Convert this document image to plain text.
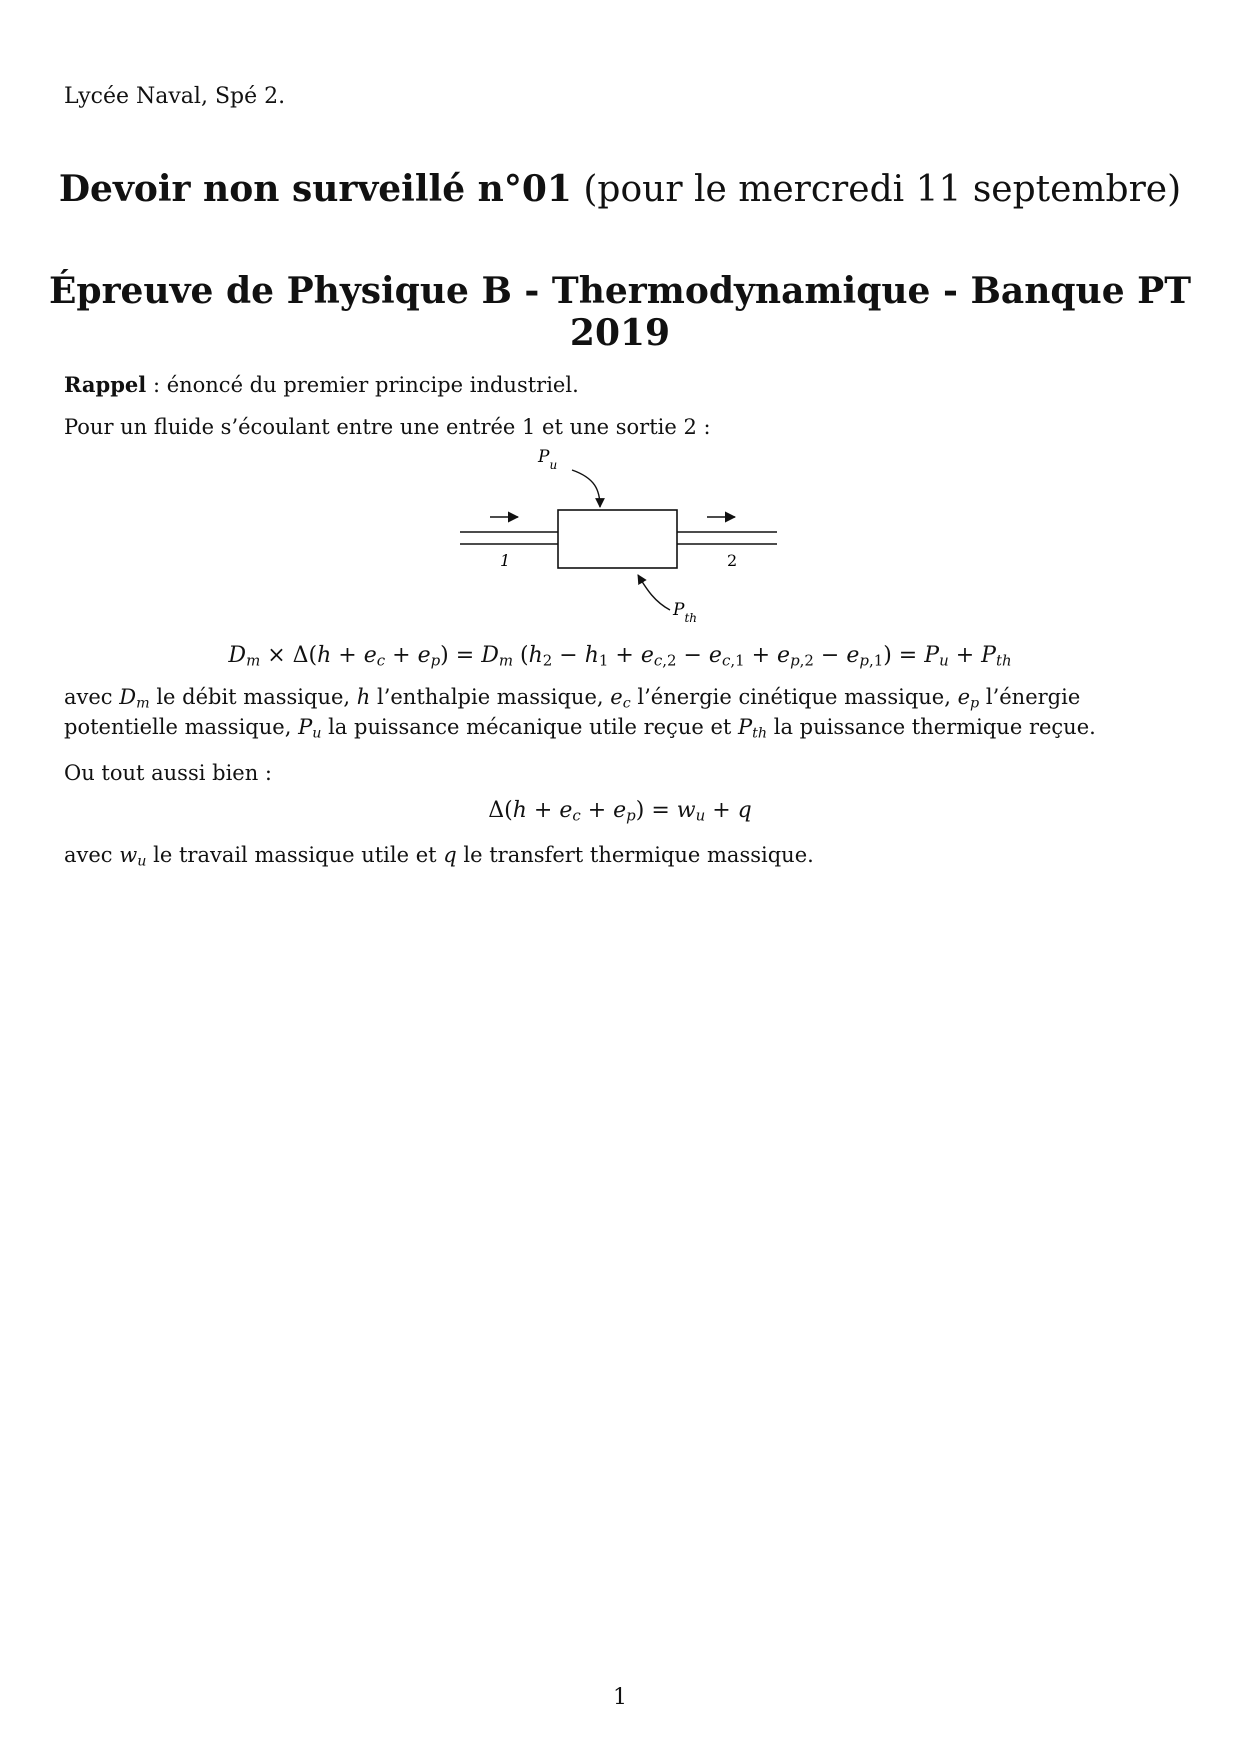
Lycée Naval, Spé 2.
Devoir non surveillé n°01 (pour le mercredi 11 septembre)
Épreuve de Physique B - Thermodynamique - Banque PT 2019
Rappel : énoncé du premier principe industriel.
Pour un fluide s’écoulant entre une entrée 1 et une sortie 2 :
$P_u$
$P_{th}$
1	2
$D_m \times \Delta(h + e_c + e_p) = D_m$ $(h_2 - h_1 + e_{c,2} - e_{c,1} + e_{p,2} - e_{p,1}) = P_u + P_{th}$
avec $D_m$ le débit massique, h l’enthalpie massique, $e_c$ l’énergie cinétique massique, $e_p$ l’énergie potentielle massique, $P_u$ la puissance mécanique utile reçue et $P_{th}$ la puissance thermique reçue.
Ou tout aussi bien :
$\Delta(h + e_c + e_p) = w_u + q$
avec $w_u$ le travail massique utile et q le transfert thermique massique.
1
